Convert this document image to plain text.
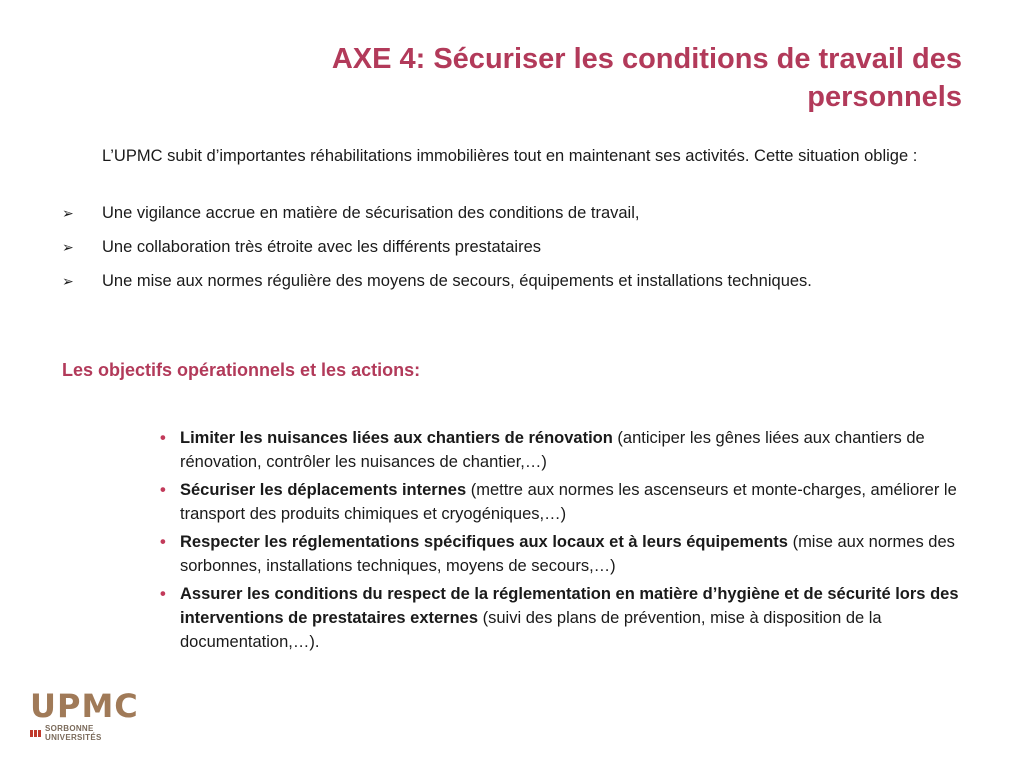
AXE 4: Sécuriser les conditions de travail des personnels

L’UPMC subit d’importantes réhabilitations immobilières tout en maintenant ses activités. Cette situation oblige :

➢ Une vigilance accrue en matière de sécurisation des conditions de travail,
➢ Une collaboration très étroite avec les différents prestataires
➢ Une mise aux normes régulière des moyens de secours, équipements et installations techniques.
Les objectifs opérationnels et les actions:
• Limiter les nuisances liées aux chantiers de rénovation (anticiper les gênes liées aux chantiers de rénovation, contrôler les nuisances de chantier,…)
• Sécuriser les déplacements internes (mettre aux normes les ascenseurs et monte-charges, améliorer le transport des produits chimiques et cryogéniques,…)
• Respecter les réglementations spécifiques aux locaux et à leurs équipements (mise aux normes des sorbonnes, installations techniques, moyens de secours,…)
• Assurer les conditions du respect de la réglementation en matière d’hygiène et de sécurité lors des interventions de prestataires externes (suivi des plans de prévention, mise à disposition de la documentation,…).
UPMC
SORBONNE UNIVERSITÉS
